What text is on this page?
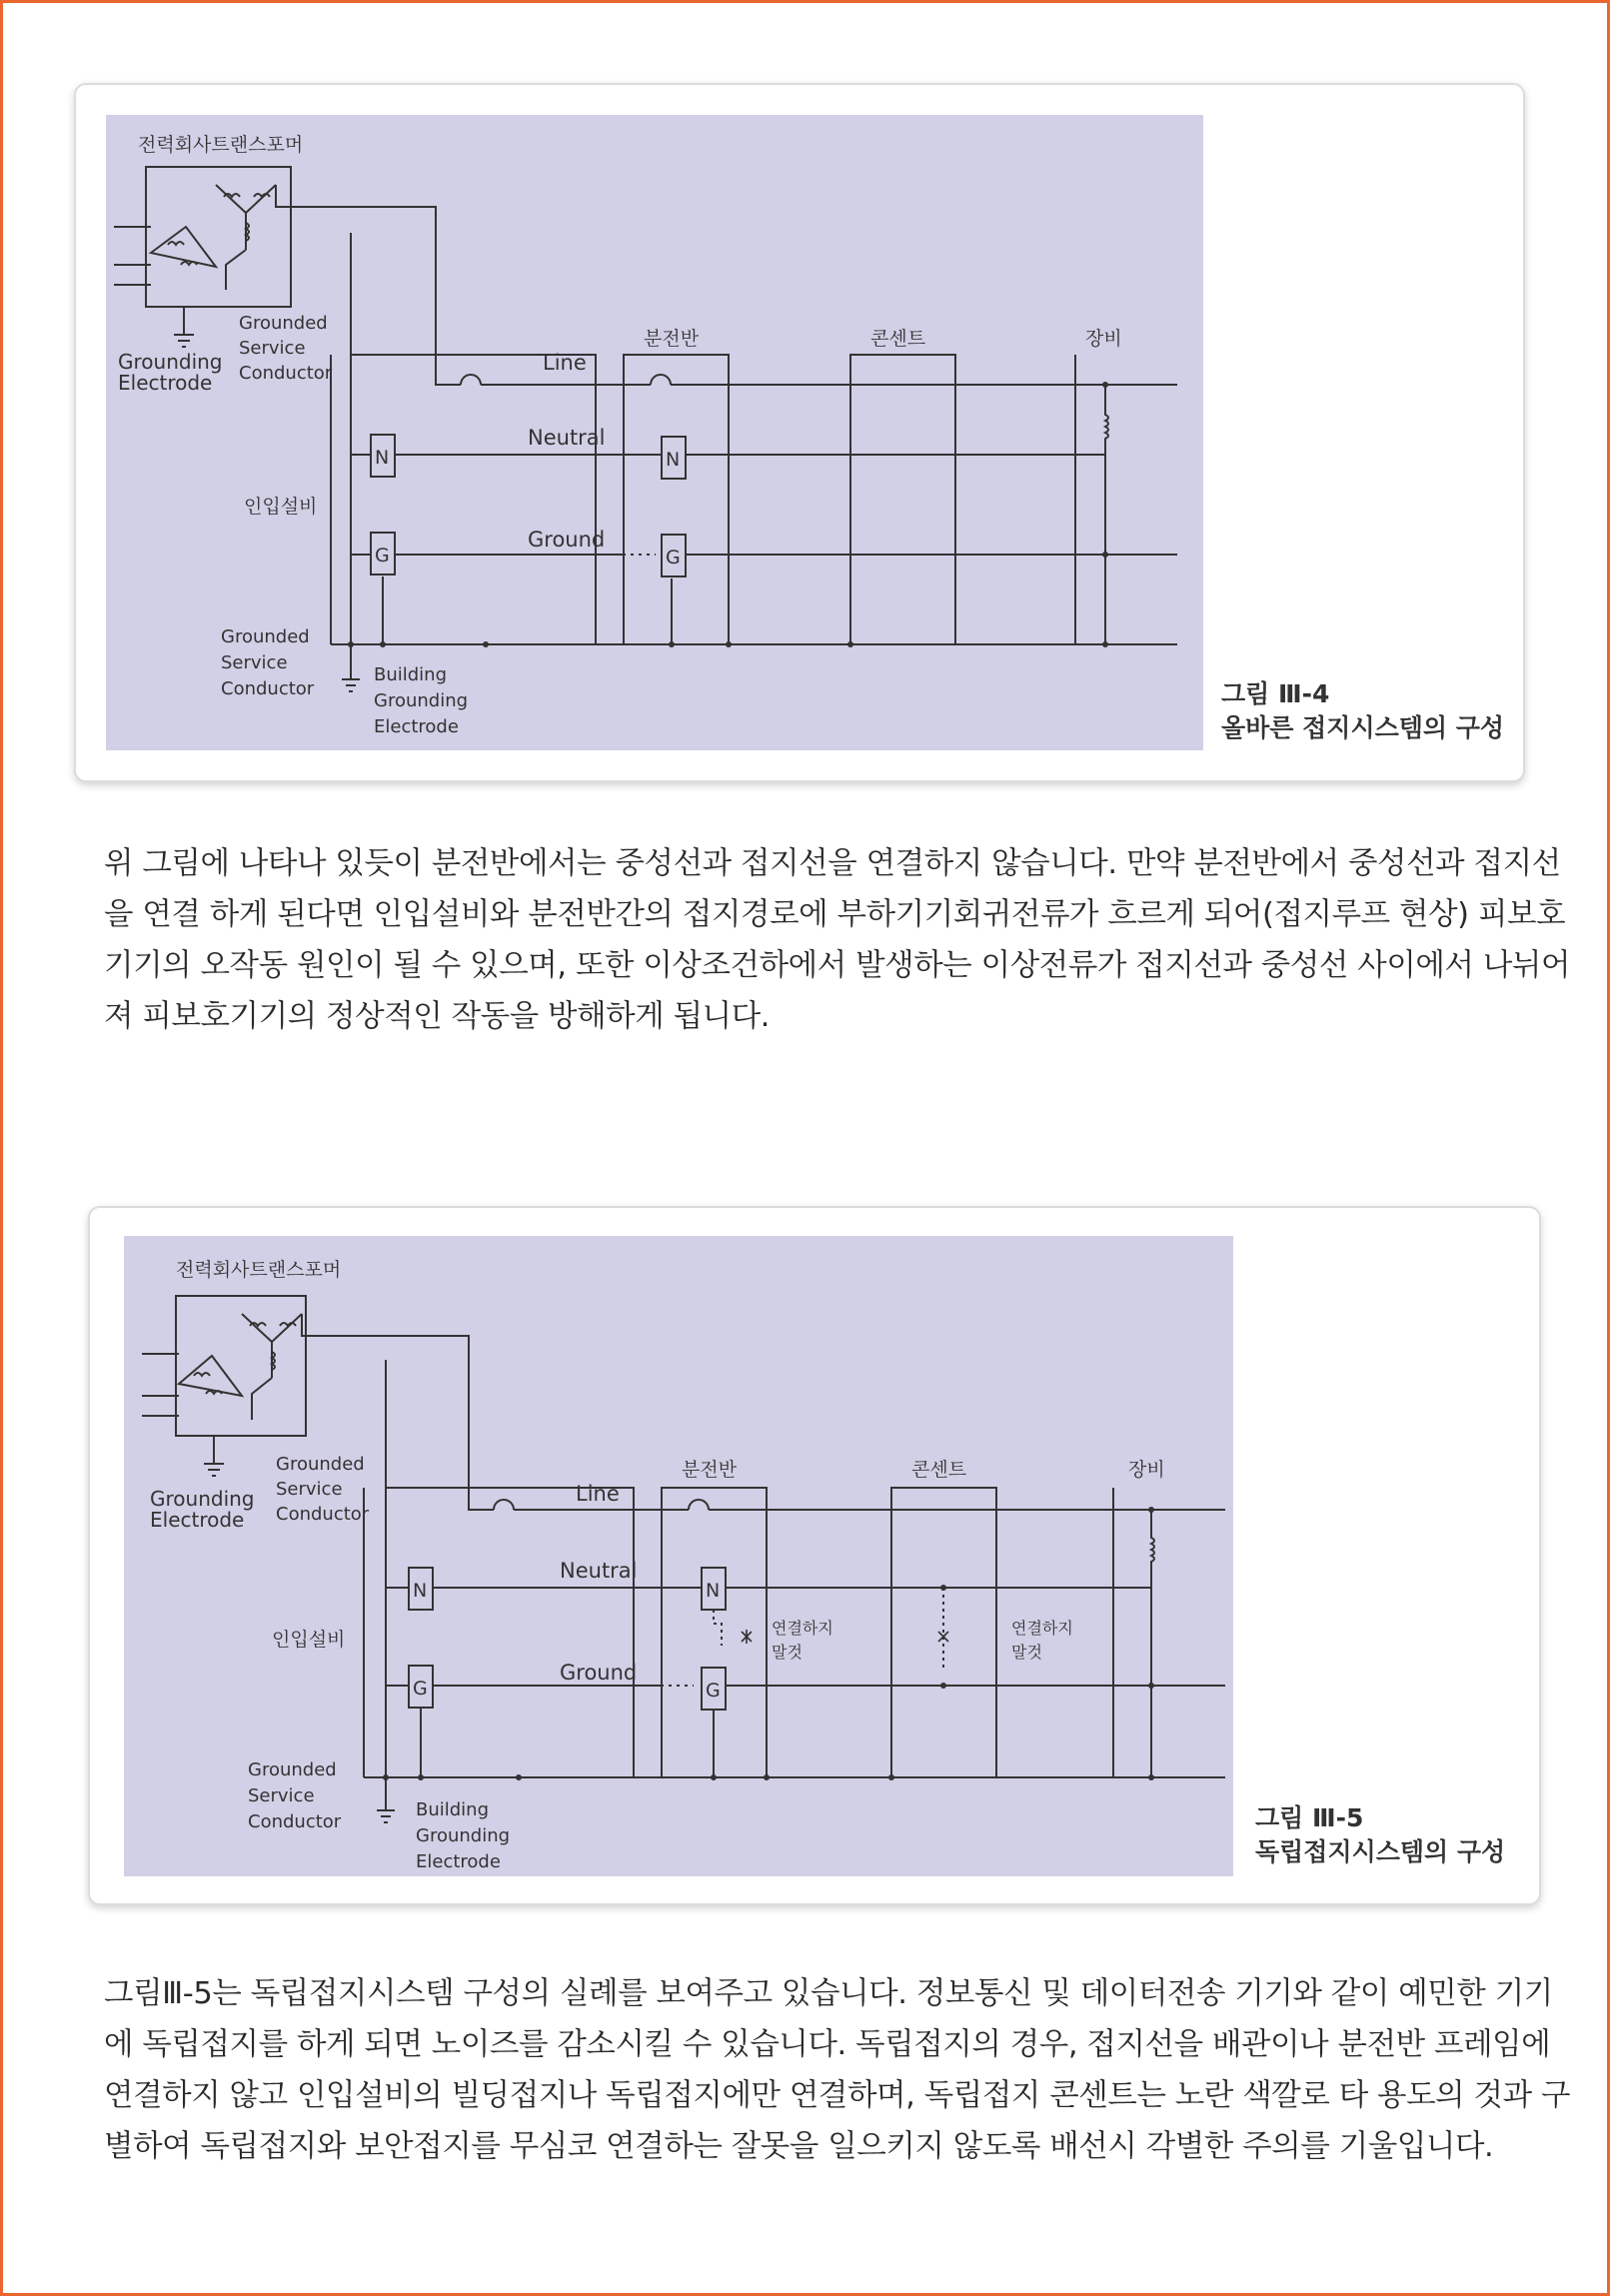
전력회사트랜스포머
Grounded
Service
Conductor
Grounding
Electrode
분전반	콘센트	장비
Line
Neutral
Ground
인입설비
N	N
G	G
Grounded
Service
Conductor
Building
Grounding
Electrode
그림 Ⅲ-4
올바른 접지시스템의 구성

위 그림에 나타나 있듯이 분전반에서는 중성선과 접지선을 연결하지 않습니다. 만약 분전반에서 중성선과 접지선을 연결 하게 된다면 인입설비와 분전반간의 접지경로에 부하기기회귀전류가 흐르게 되어(접지루프 현상) 피보호기기의 오작동 원인이 될 수 있으며, 또한 이상조건하에서 발생하는 이상전류가 접지선과 중성선 사이에서 나뉘어져 피보호기기의 정상적인 작동을 방해하게 됩니다.

전력회사트랜스포머
Grounded
Service
Conductor
Grounding
Electrode
분전반	콘센트	장비
Line
Neutral
Ground
인입설비
N	N
G	G
연결하지
말것
연결하지
말것
Grounded
Service
Conductor
Building
Grounding
Electrode
그림 Ⅲ-5
독립접지시스템의 구성

그림Ⅲ-5는 독립접지시스템 구성의 실례를 보여주고 있습니다. 정보통신 및 데이터전송 기기와 같이 예민한 기기에 독립접지를 하게 되면 노이즈를 감소시킬 수 있습니다. 독립접지의 경우, 접지선을 배관이나 분전반 프레임에 연결하지 않고 인입설비의 빌딩접지나 독립접지에만 연결하며, 독립접지 콘센트는 노란 색깔로 타 용도의 것과 구별하여 독립접지와 보안접지를 무심코 연결하는 잘못을 일으키지 않도록 배선시 각별한 주의를 기울입니다.
